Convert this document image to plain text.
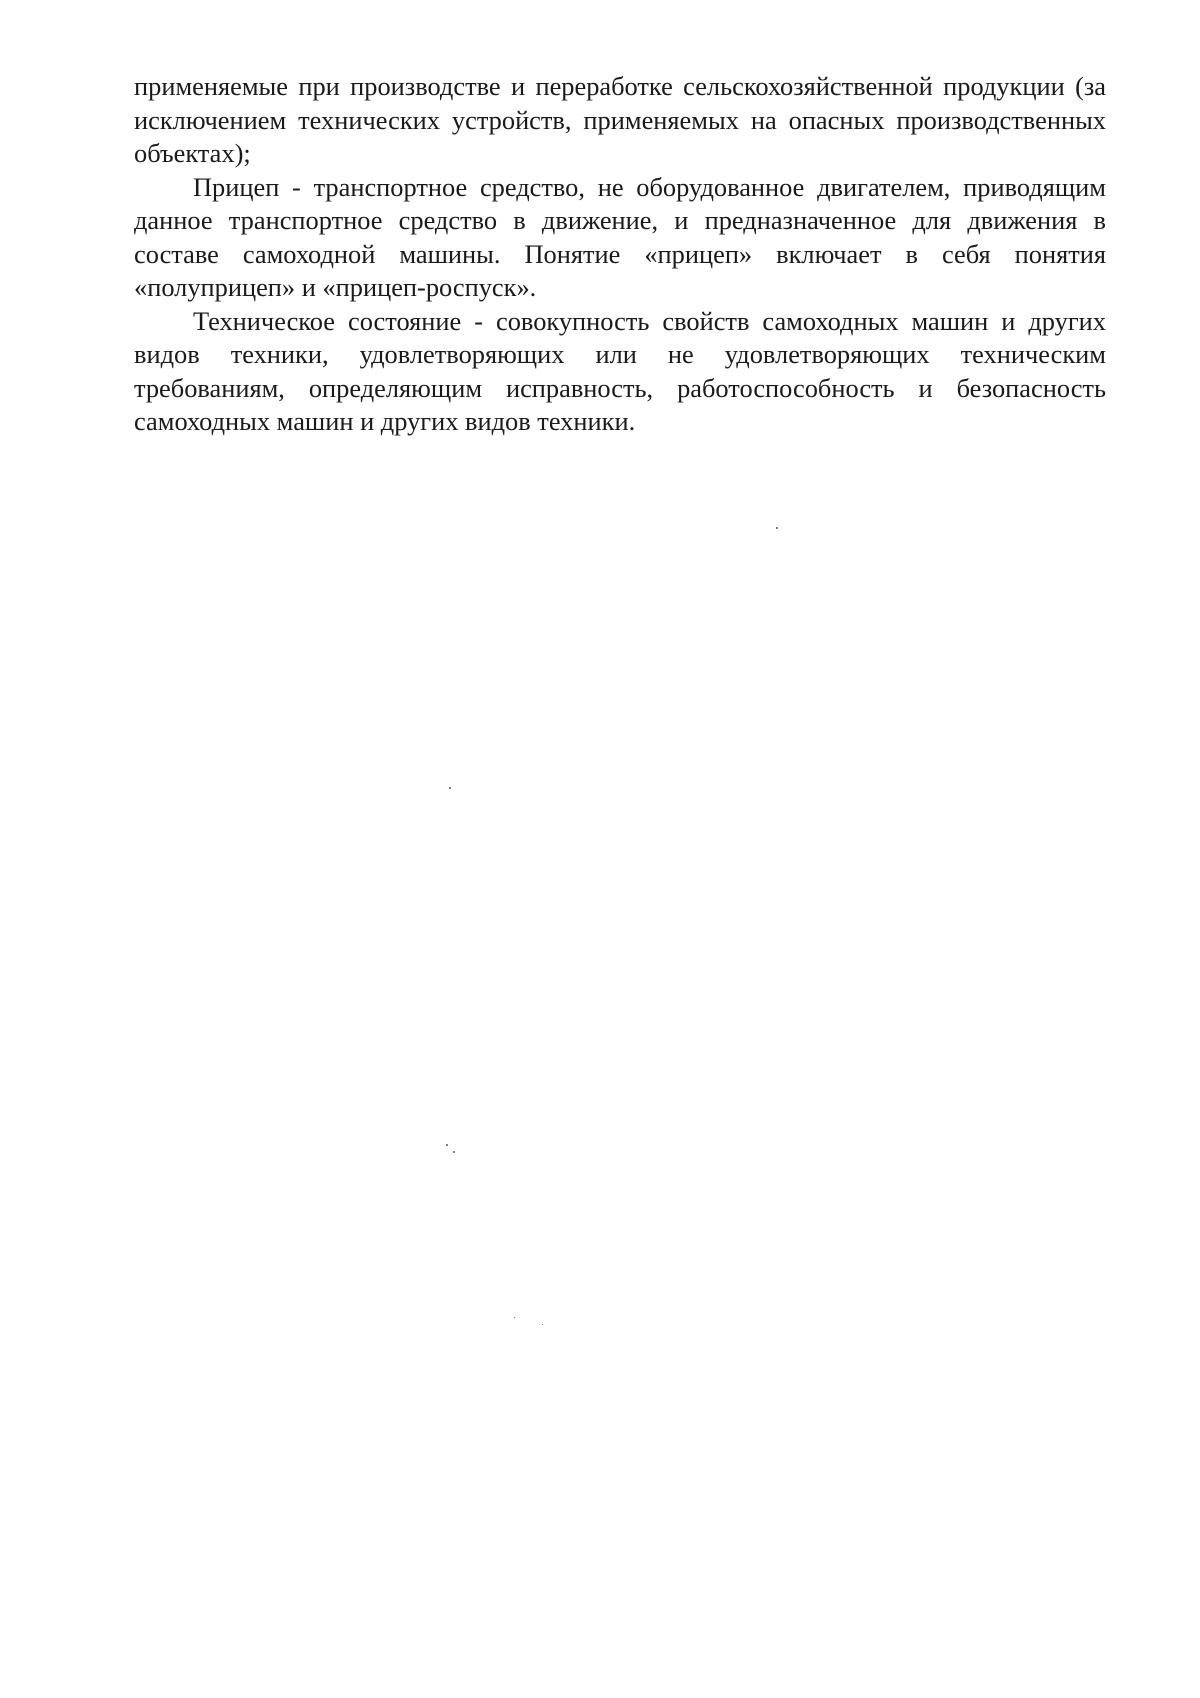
применяемые при производстве и переработке сельскохозяйственной продукции (за исключением технических устройств, применяемых на опасных производственных объектах);

Прицеп - транспортное средство, не оборудованное двигателем, приводящим данное транспортное средство в движение, и предназначенное для движения в составе самоходной машины. Понятие «прицеп» включает в себя понятия «полуприцеп» и «прицеп-роспуск».

Техническое состояние - совокупность свойств самоходных машин и других видов техники, удовлетворяющих или не удовлетворяющих техническим требованиям, определяющим исправность, работоспособность и безопасность самоходных машин и других видов техники.
